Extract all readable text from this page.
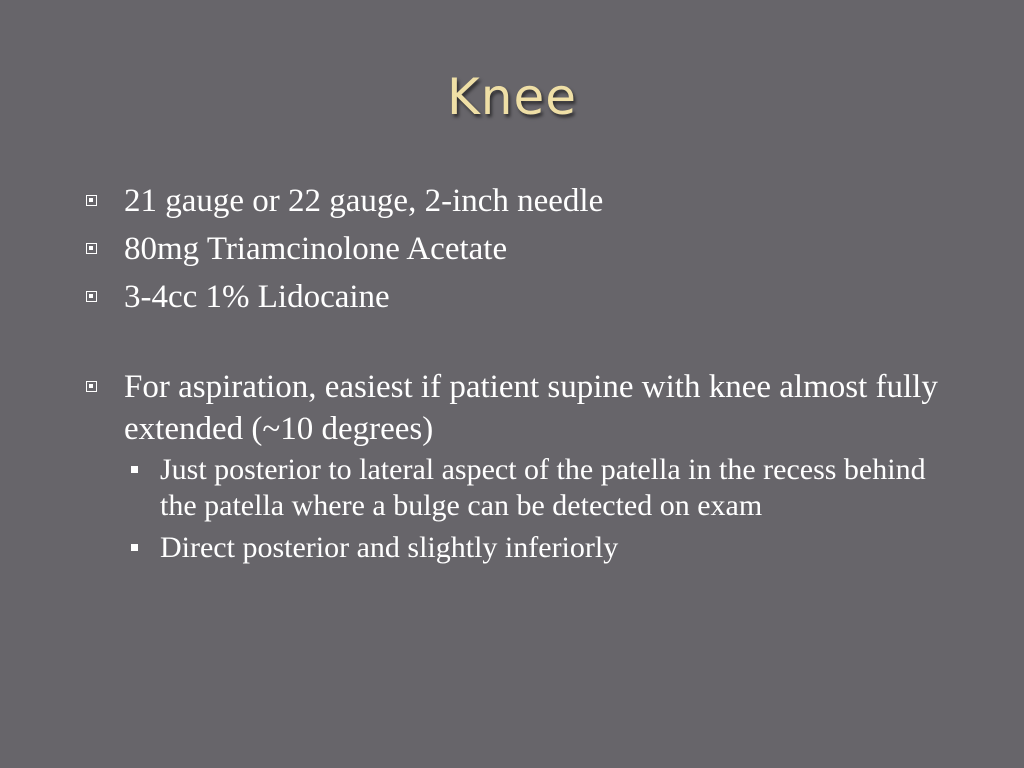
Knee
21 gauge or 22 gauge, 2-inch needle
80mg Triamcinolone Acetate
3-4cc 1% Lidocaine
For aspiration, easiest if patient supine with knee almost fully extended (~10 degrees)
Just posterior to lateral aspect of the patella in the recess behind the patella where a bulge can be detected on exam
Direct posterior and slightly inferiorly
